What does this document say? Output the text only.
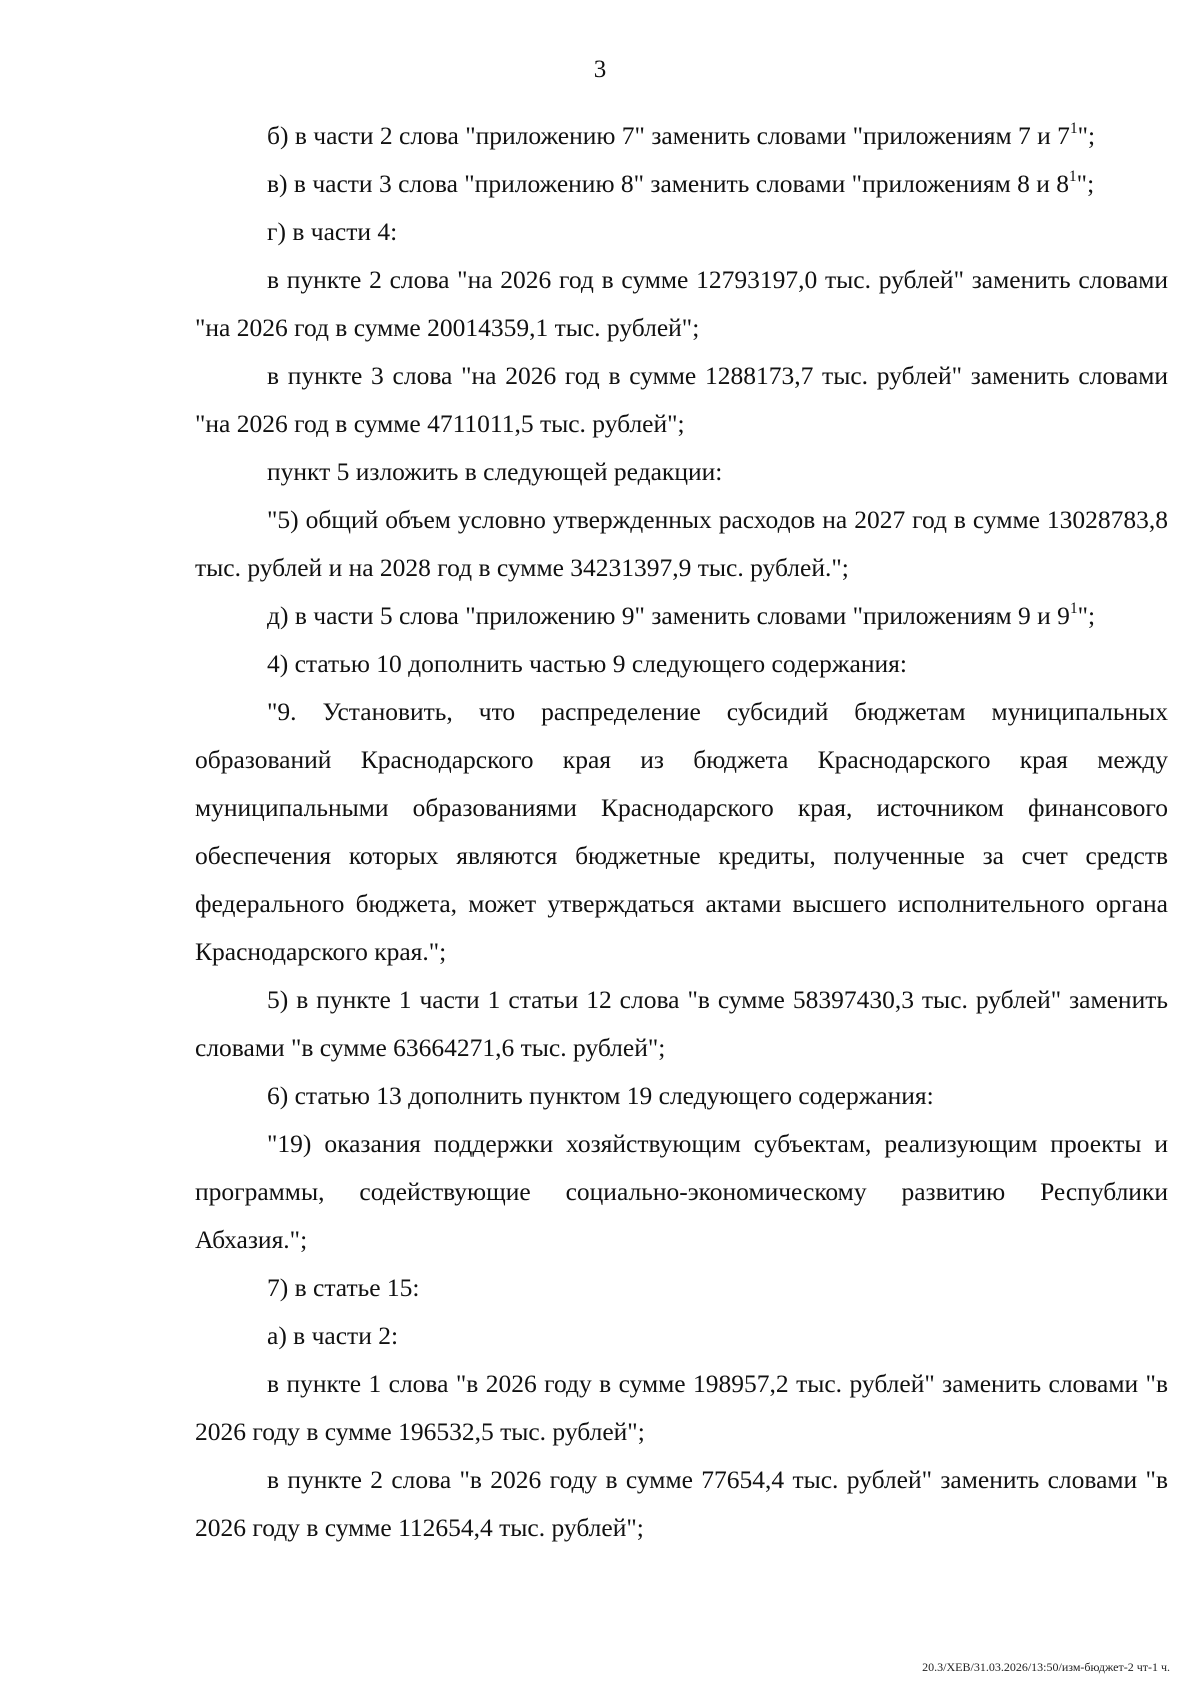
3

б) в части 2 слова "приложению 7" заменить словами "приложениям 7 и $7^1$";

в) в части 3 слова "приложению 8" заменить словами "приложениям 8 и $8^1$";

г) в части 4:

в пункте 2 слова "на 2026 год в сумме 12793197,0 тыс. рублей" заменить словами "на 2026 год в сумме 20014359,1 тыс. рублей";

в пункте 3 слова "на 2026 год в сумме 1288173,7 тыс. рублей" заменить словами "на 2026 год в сумме 4711011,5 тыс. рублей";

пункт 5 изложить в следующей редакции:

"5) общий объем условно утвержденных расходов на 2027 год в сумме 13028783,8 тыс. рублей и на 2028 год в сумме 34231397,9 тыс. рублей.";

д) в части 5 слова "приложению 9" заменить словами "приложениям 9 и $9^1$";

4) статью 10 дополнить частью 9 следующего содержания:

"9. Установить, что распределение субсидий бюджетам муниципальных образований Краснодарского края из бюджета Краснодарского края между муниципальными образованиями Краснодарского края, источником финансового обеспечения которых являются бюджетные кредиты, полученные за счет средств федерального бюджета, может утверждаться актами высшего исполнительного органа Краснодарского края.";

5) в пункте 1 части 1 статьи 12 слова "в сумме 58397430,3 тыс. рублей" заменить словами "в сумме 63664271,6 тыс. рублей";

6) статью 13 дополнить пунктом 19 следующего содержания:

"19) оказания поддержки хозяйствующим субъектам, реализующим проекты и программы, содействующие социально-экономическому развитию Республики Абхазия.";

7) в статье 15:

а) в части 2:

в пункте 1 слова "в 2026 году в сумме 198957,2 тыс. рублей" заменить словами "в 2026 году в сумме 196532,5 тыс. рублей";

в пункте 2 слова "в 2026 году в сумме 77654,4 тыс. рублей" заменить словами "в 2026 году в сумме 112654,4 тыс. рублей";

20.3/ХЕВ/31.03.2026/13:50/изм-бюджет-2 чт-1 ч.
